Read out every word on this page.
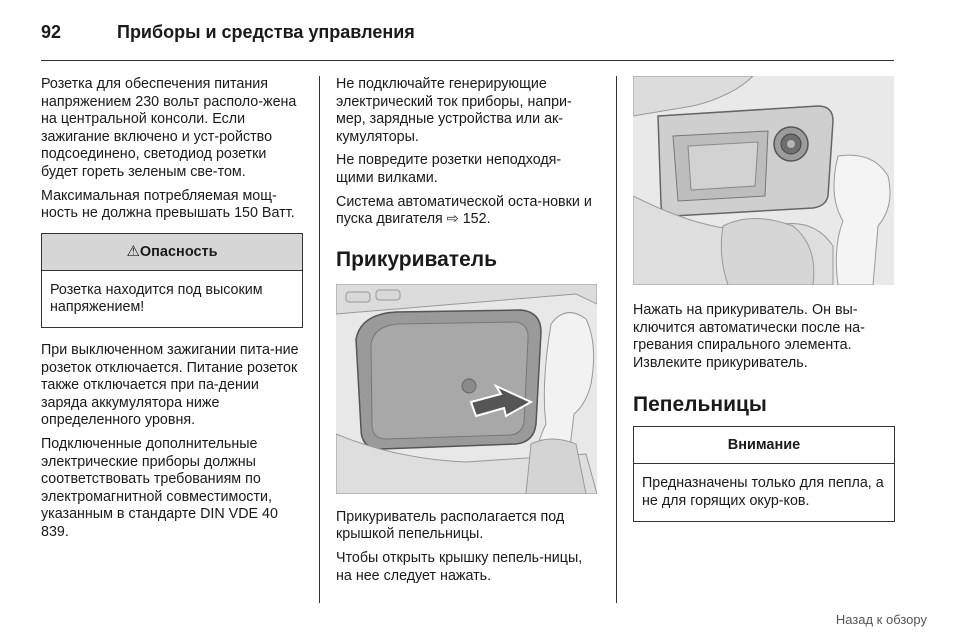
92	Приборы и средства управления

Розетка для обеспечения питания напряжением 230 вольт располо-жена на центральной консоли. Если зажигание включено и уст-ройство подсоединено, светодиод розетки будет гореть зеленым све-том.

Максимальная потребляемая мощ-ность не должна превышать 150 Ватт.

⚠Опасность
Розетка находится под высоким напряжением!

При выключенном зажигании пита-ние розеток отключается. Питание розеток также отключается при па-дении заряда аккумулятора ниже определенного уровня.

Подключенные дополнительные электрические приборы должны соответствовать требованиям по электромагнитной совместимости, указанным в стандарте DIN VDE 40 839.

Не подключайте генерирующие электрический ток приборы, напри-мер, зарядные устройства или ак-кумуляторы.

Не повредите розетки неподходя-щими вилками.

Система автоматической оста-новки и пуска двигателя ⇨ 152.

Прикуриватель

Прикуриватель располагается под крышкой пепельницы.

Чтобы открыть крышку пепель-ницы, на нее следует нажать.

Нажать на прикуриватель. Он вы-ключится автоматически после на-гревания спирального элемента. Извлеките прикуриватель.

Пепельницы
Внимание
Предназначены только для пепла, а не для горящих окур-ков.
Назад к обзору
